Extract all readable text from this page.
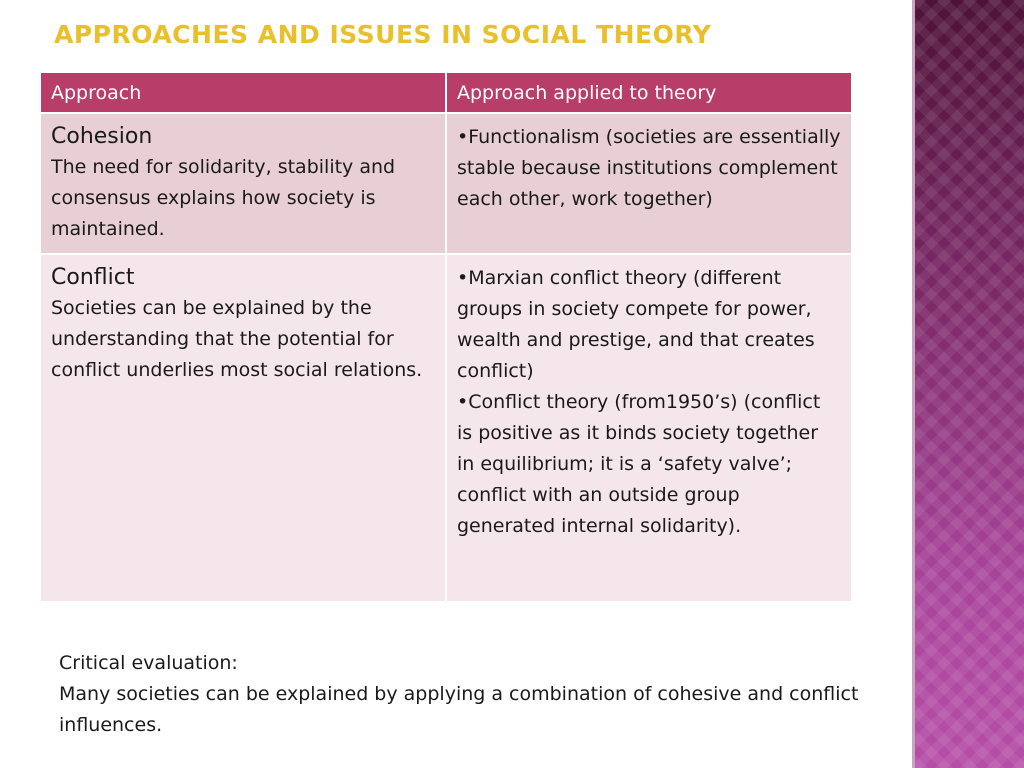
APPROACHES AND ISSUES IN SOCIAL THEORY
Approach	Approach applied to theory

Cohesion
The need for solidarity, stability and consensus explains how society is maintained.	•Functionalism (societies are essentially stable because institutions complement each other, work together)

Conflict
Societies can be explained by the understanding that the potential for conflict underlies most social relations.	•Marxian conflict theory (different groups in society compete for power, wealth and prestige, and that creates conflict)
•Conflict theory (from1950’s) (conflict is positive as it binds society together in equilibrium; it is a ‘safety valve’; conflict with an outside group generated internal solidarity).
Critical evaluation:
Many societies can be explained by applying a combination of cohesive and conflict influences.
